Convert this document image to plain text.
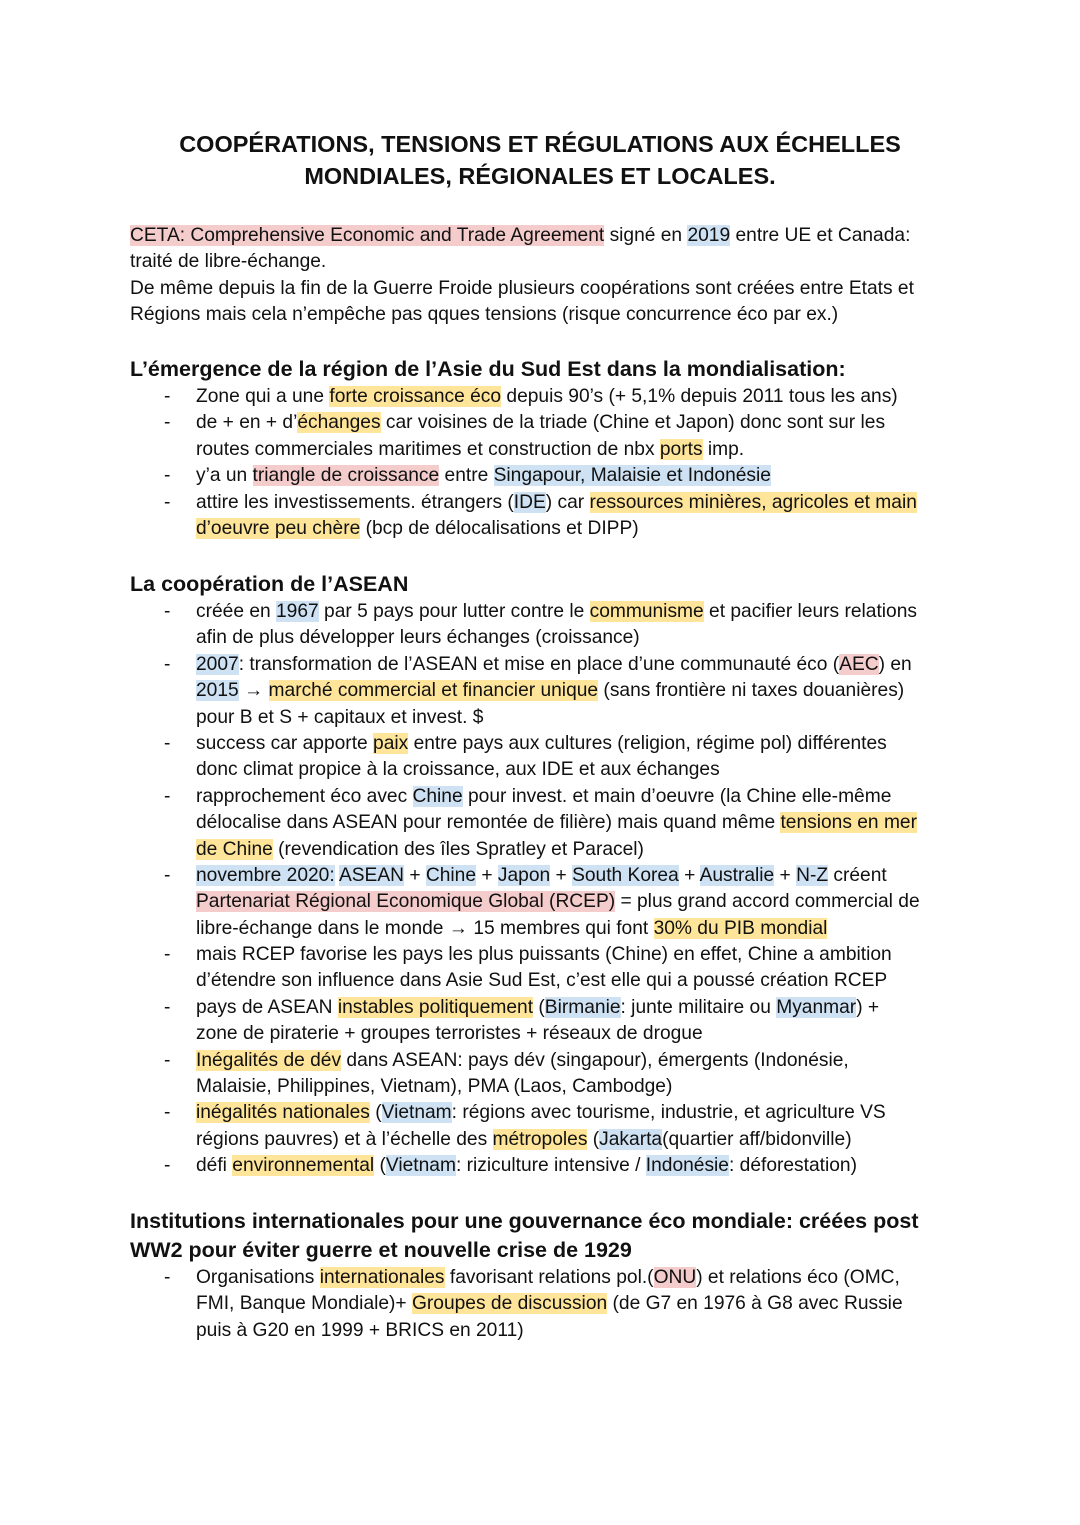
COOPÉRATIONS, TENSIONS ET RÉGULATIONS AUX ÉCHELLES
MONDIALES, RÉGIONALES ET LOCALES.
CETA: Comprehensive Economic and Trade Agreement signé en 2019 entre UE et Canada:
traité de libre-échange.
De même depuis la fin de la Guerre Froide plusieurs coopérations sont créées entre Etats et
Régions mais cela n’empêche pas qques tensions (risque concurrence éco par ex.)
L’émergence de la région de l’Asie du Sud Est dans la mondialisation:
- Zone qui a une forte croissance éco depuis 90’s (+ 5,1% depuis 2011 tous les ans)
- de + en + d’échanges car voisines de la triade (Chine et Japon) donc sont sur les
routes commerciales maritimes et construction de nbx ports imp.
- y’a un triangle de croissance entre Singapour, Malaisie et Indonésie
- attire les investissements. étrangers (IDE) car ressources minières, agricoles et main
d’oeuvre peu chère (bcp de délocalisations et DIPP)
La coopération de l’ASEAN
- créée en 1967 par 5 pays pour lutter contre le communisme et pacifier leurs relations
afin de plus développer leurs échanges (croissance)
- 2007: transformation de l’ASEAN et mise en place d’une communauté éco (AEC) en
2015 → marché commercial et financier unique (sans frontière ni taxes douanières)
pour B et S + capitaux et invest. $
- success car apporte paix entre pays aux cultures (religion, régime pol) différentes
donc climat propice à la croissance, aux IDE et aux échanges
- rapprochement éco avec Chine pour invest. et main d’oeuvre (la Chine elle-même
délocalise dans ASEAN pour remontée de filière) mais quand même tensions en mer
de Chine (revendication des îles Spratley et Paracel)
- novembre 2020: ASEAN + Chine + Japon + South Korea + Australie + N-Z créent
Partenariat Régional Economique Global (RCEP) = plus grand accord commercial de
libre-échange dans le monde → 15 membres qui font 30% du PIB mondial
- mais RCEP favorise les pays les plus puissants (Chine) en effet, Chine a ambition
d’étendre son influence dans Asie Sud Est, c’est elle qui a poussé création RCEP
- pays de ASEAN instables politiquement (Birmanie: junte militaire ou Myanmar) +
zone de piraterie + groupes terroristes + réseaux de drogue
- Inégalités de dév dans ASEAN: pays dév (singapour), émergents (Indonésie,
Malaisie, Philippines, Vietnam), PMA (Laos, Cambodge)
- inégalités nationales (Vietnam: régions avec tourisme, industrie, et agriculture VS
régions pauvres) et à l’échelle des métropoles (Jakarta(quartier aff/bidonville)
- défi environnemental (Vietnam: riziculture intensive / Indonésie: déforestation)
Institutions internationales pour une gouvernance éco mondiale: créées post
WW2 pour éviter guerre et nouvelle crise de 1929
- Organisations internationales favorisant relations pol.(ONU) et relations éco (OMC,
FMI, Banque Mondiale)+ Groupes de discussion (de G7 en 1976 à G8 avec Russie
puis à G20 en 1999 + BRICS en 2011)
